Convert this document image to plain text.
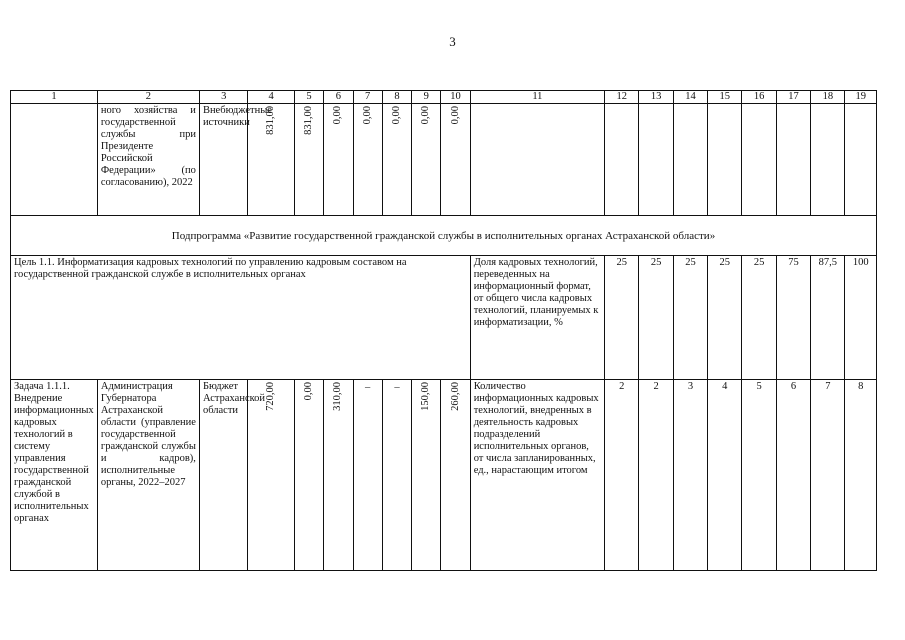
3
1	2	3	4	5	6	7	8	9	10	11	12	13	14	15	16	17	18	19
	ного хозяйства и государственной службы при Президенте Российской Федерации» (по согласованию), 2022	Внебюджетные источники	831,00	831,00	0,00	0,00	0,00	0,00	0,00									
Подпрограмма «Развитие государственной гражданской службы в исполнительных органах Астраханской области»																		
Цель 1.1. Информатизация кадровых технологий по управлению кадровым составом на государственной гражданской службе в исполнительных органах										Доля кадровых технологий, переведенных на информационный формат, от общего числа кадровых технологий, планируемых к информатизации, %	25	25	25	25	25	75	87,5	100
Задача 1.1.1. Внедрение информационных кадровых технологий в систему управления государственной гражданской службой в исполнительных органах	Администрация Губернатора Астраханской области (управление государственной гражданской службы и кадров), исполнительные органы, 2022–2027	Бюджет Астраханской области	720,00	0,00	310,00	–	–	150,00	260,00	Количество информационных кадровых технологий, внедренных в деятельность кадровых подразделений исполнительных органов, от числа запланированных, ед., нарастающим итогом	2	2	3	4	5	6	7	8
